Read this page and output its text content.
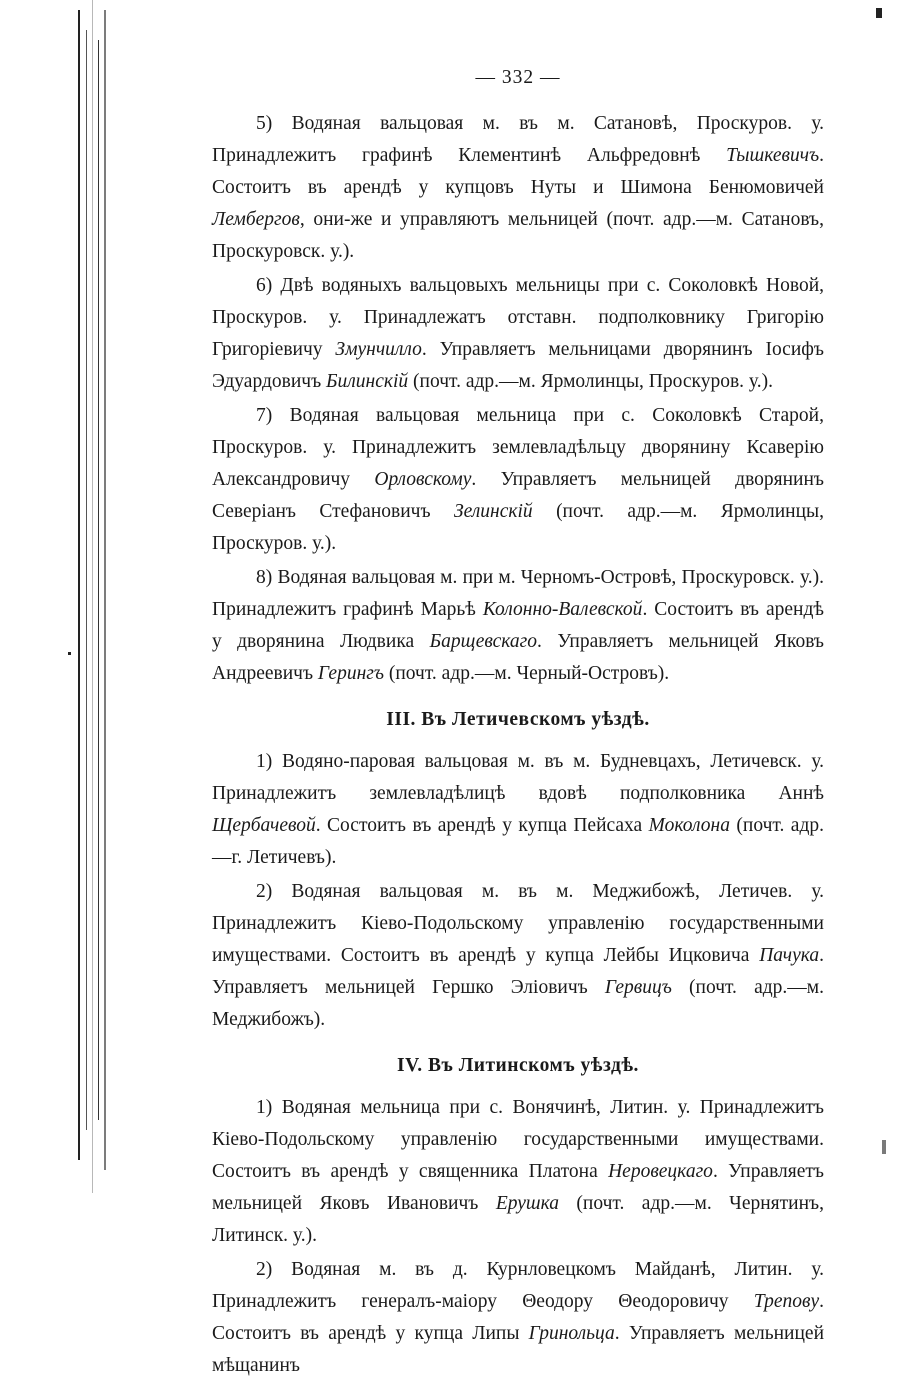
— 332 —

5) Водяная вальцовая м. въ м. Сатановѣ, Проскуров. у. Принадлежитъ графинѣ Клементинѣ Альфредовнѣ Тышкевичъ. Состоитъ въ арендѣ у купцовъ Нуты и Шимона Бенюмовичей Лембергов, они-же и управляютъ мельницей (почт. адр.—м. Сатановъ, Проскуровск. у.).

6) Двѣ водяныхъ вальцовыхъ мельницы при с. Соколовкѣ Новой, Проскуров. у. Принадлежатъ отставн. подполковнику Григорію Григоріевичу Змунчилло. Управляетъ мельницами дворянинъ Іосифъ Эдуардовичъ Билинскій (почт. адр.—м. Ярмолинцы, Проскуров. у.).

7) Водяная вальцовая мельница при с. Соколовкѣ Старой, Проскуров. у. Принадлежитъ землевладѣльцу дворянину Ксаверію Александровичу Орловскому. Управляетъ мельницей дворянинъ Северіанъ Стефановичъ Зелинскій (почт. адр.—м. Ярмолинцы, Проскуров. у.).

8) Водяная вальцовая м. при м. Черномъ-Островѣ, Проскуровск. у.). Принадлежитъ графинѣ Марьѣ Колонно-Валевской. Состоитъ въ арендѣ у дворянина Людвика Барщевскаго. Управляетъ мельницей Яковъ Андреевичъ Герингъ (почт. адр.—м. Черный-Островъ).

III. Въ Летичевскомъ уѣздѣ.

1) Водяно-паровая вальцовая м. въ м. Будневцахъ, Летичевск. у. Принадлежитъ землевладѣлицѣ вдовѣ подполковника Аннѣ Щербачевой. Состоитъ въ арендѣ у купца Пейсаха Моколона (почт. адр.—г. Летичевъ).

2) Водяная вальцовая м. въ м. Меджибожѣ, Летичев. у. Принадлежитъ Кіево-Подольскому управленію государственными имуществами. Состоитъ въ арендѣ у купца Лейбы Ицковича Пачука. Управляетъ мельницей Гершко Эліовичъ Гервицъ (почт. адр.—м. Меджибожъ).

IV. Въ Литинскомъ уѣздѣ.

1) Водяная мельница при с. Вонячинѣ, Литин. у. Принадлежитъ Кіево-Подольскому управленію государственными имуществами. Состоитъ въ арендѣ у священника Платона Неровецкаго. Управляетъ мельницей Яковъ Ивановичъ Ерушка (почт. адр.—м. Чернятинъ, Литинск. у.).

2) Водяная м. въ д. Курнловецкомъ Майданѣ, Литин. у. Принадлежитъ генералъ-маіору Θеодору Θеодоровичу Трепову. Состоитъ въ арендѣ у купца Липы Гринольца. Управляетъ мельницей мѣщанинъ
